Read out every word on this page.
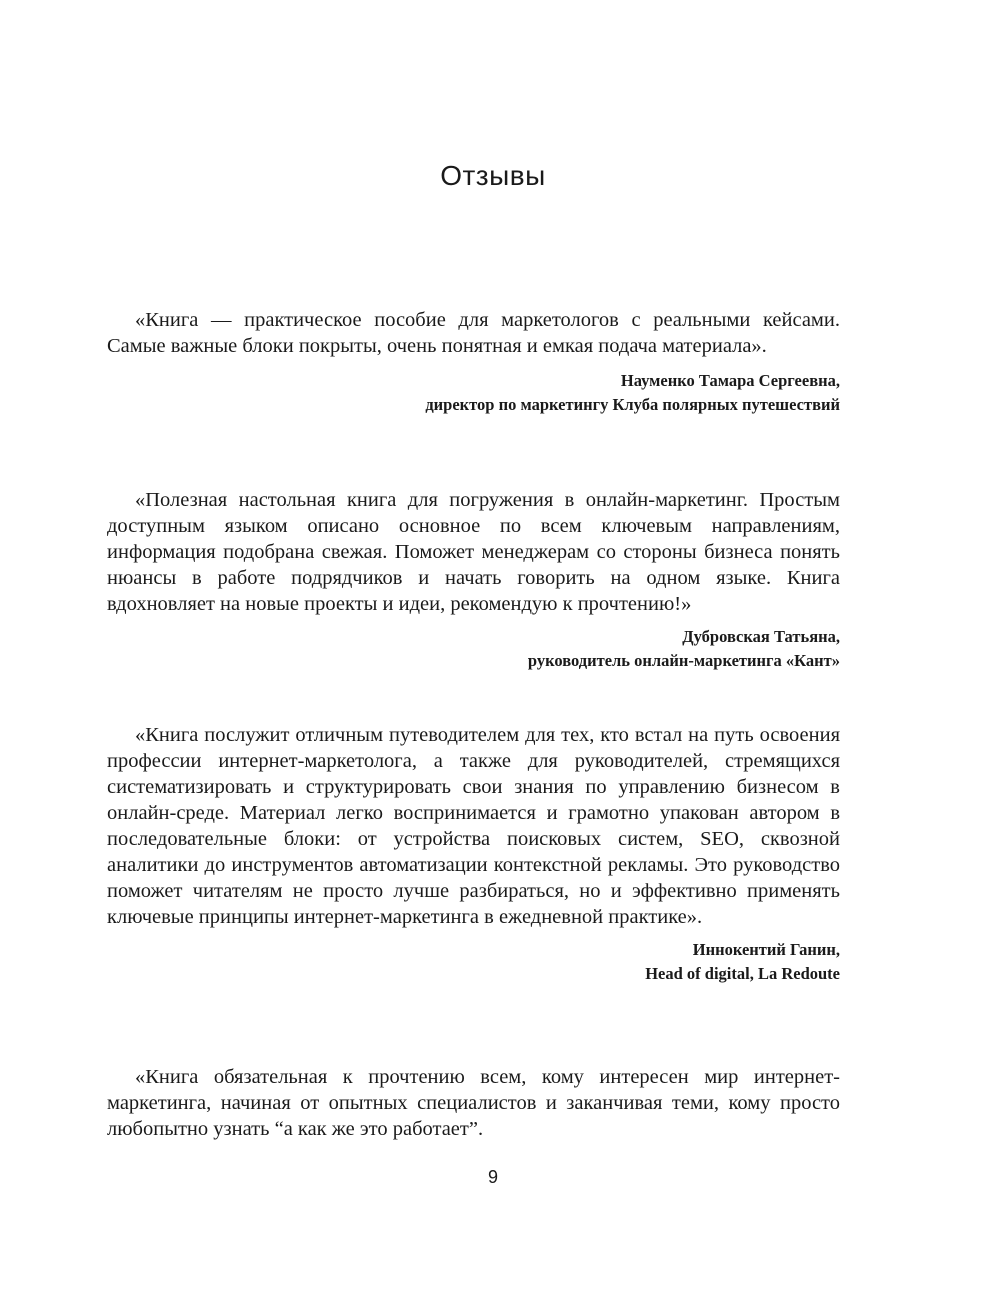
Отзывы

«Книга — практическое пособие для маркетологов с реальными кейсами. Самые важные блоки покрыты, очень понятная и емкая подача материала».

Науменко Тамара Сергеевна,
директор по маркетингу Клуба полярных путешествий

«Полезная настольная книга для погружения в онлайн-маркетинг. Простым доступным языком описано основное по всем ключевым направлениям, информация подобрана свежая. Поможет менеджерам со стороны бизнеса понять нюансы в работе подрядчиков и начать говорить на одном языке. Книга вдохновляет на новые проекты и идеи, рекомендую к прочтению!»

Дубровская Татьяна,
руководитель онлайн-маркетинга «Кант»

«Книга послужит отличным путеводителем для тех, кто встал на путь освоения профессии интернет-маркетолога, а также для руководителей, стремящихся систематизировать и структурировать свои знания по управлению бизнесом в онлайн-среде. Материал легко воспринимается и грамотно упакован автором в последовательные блоки: от устройства поисковых систем, SEO, сквозной аналитики до инструментов автоматизации контекстной рекламы. Это руководство поможет читателям не просто лучше разбираться, но и эффективно применять ключевые принципы интернет-маркетинга в ежедневной практике».

Иннокентий Ганин,
Head of digital, La Redoute

«Книга обязательная к прочтению всем, кому интересен мир интернет-маркетинга, начиная от опытных специалистов и заканчивая теми, кому просто любопытно узнать “а как же это работает”.

9
